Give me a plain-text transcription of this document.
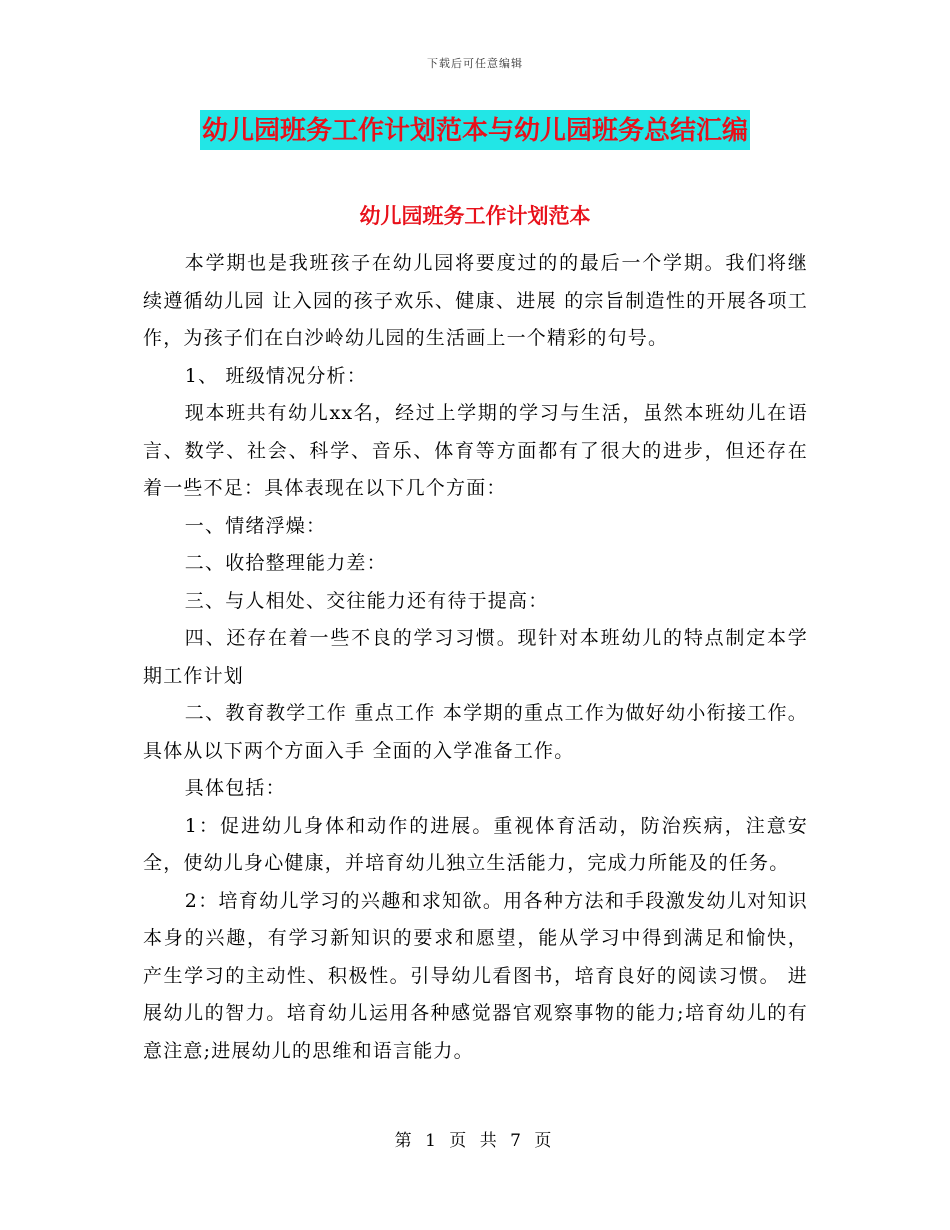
下载后可任意编辑
幼儿园班务工作计划范本与幼儿园班务总结汇编
幼儿园班务工作计划范本

本学期也是我班孩子在幼儿园将要度过的的最后一个学期。我们将继续遵循幼儿园 让入园的孩子欢乐、健康、进展 的宗旨制造性的开展各项工作，为孩子们在白沙岭幼儿园的生活画上一个精彩的句号。

1、 班级情况分析：

现本班共有幼儿xx名，经过上学期的学习与生活，虽然本班幼儿在语言、数学、社会、科学、音乐、体育等方面都有了很大的进步，但还存在着一些不足：具体表现在以下几个方面：

一、情绪浮燥：

二、收拾整理能力差：

三、与人相处、交往能力还有待于提高：

四、还存在着一些不良的学习习惯。现针对本班幼儿的特点制定本学期工作计划

二、教育教学工作 重点工作 本学期的重点工作为做好幼小衔接工作。具体从以下两个方面入手 全面的入学准备工作。

具体包括：

1：促进幼儿身体和动作的进展。重视体育活动，防治疾病，注意安全，使幼儿身心健康，并培育幼儿独立生活能力，完成力所能及的任务。

2：培育幼儿学习的兴趣和求知欲。用各种方法和手段激发幼儿对知识本身的兴趣，有学习新知识的要求和愿望，能从学习中得到满足和愉快，产生学习的主动性、积极性。引导幼儿看图书，培育良好的阅读习惯。 进展幼儿的智力。培育幼儿运用各种感觉器官观察事物的能力;培育幼儿的有意注意;进展幼儿的思维和语言能力。

第 1 页 共 7 页
